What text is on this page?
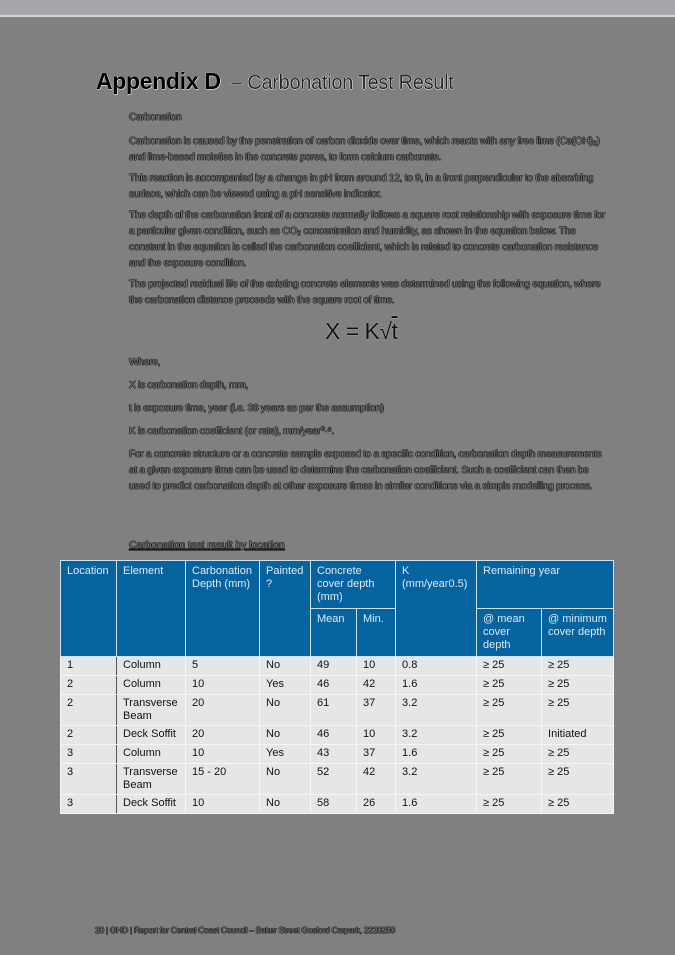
Appendix D – Carbonation Test Result

Carbonation

Carbonation is caused by the penetration of carbon dioxide over time, which reacts with any free lime (Ca(OH)₂) and lime-based moieties in the concrete pores, to form calcium carbonate.

This reaction is accompanied by a change in pH from around 12, to 9, in a front perpendicular to the absorbing surface, which can be viewed using a pH sensitive indicator.

The depth of the carbonation front of a concrete normally follows a square root relationship with exposure time for a particular given condition, such as CO₂ concentration and humidity, as shown in the equation below. The constant in the equation is called the carbonation coefficient, which is related to concrete carbonation resistance and the exposure condition.

The projected residual life of the existing concrete elements was determined using the following equation, where the carbonation distance proceeds with the square root of time.

X = K√t

Where,

X is carbonation depth, mm,

t is exposure time, year (i.e. 38 years as per the assumption)

K is carbonation coefficient (or rate), mm/year⁰·⁵.

For a concrete structure or a concrete sample exposed to a specific condition, carbonation depth measurements at a given exposure time can be used to determine the carbonation coefficient. Such a coefficient can then be used to predict carbonation depth at other exposure times in similar conditions via a simple modelling process.

Carbonation test result by location
Location	Element	Carbonation Depth (mm)	Painted ?	Concrete cover depth (mm)		K (mm/year0.5)	Remaining year	
				Mean	Min.		@ mean cover depth	@ minimum cover depth
1	Column	5	No	49	10	0.8	≥ 25	≥ 25
2	Column	10	Yes	46	42	1.6	≥ 25	≥ 25
2	Transverse Beam	20	No	61	37	3.2	≥ 25	≥ 25
2	Deck Soffit	20	No	46	10	3.2	≥ 25	Initiated
3	Column	10	Yes	43	37	1.6	≥ 25	≥ 25
3	Transverse Beam	15 - 20	No	52	42	3.2	≥ 25	≥ 25
3	Deck Soffit	10	No	58	26	1.6	≥ 25	≥ 25
20 | GHD | Report for Central Coast Council – Baker Street Gosford Carpark, 2220250
